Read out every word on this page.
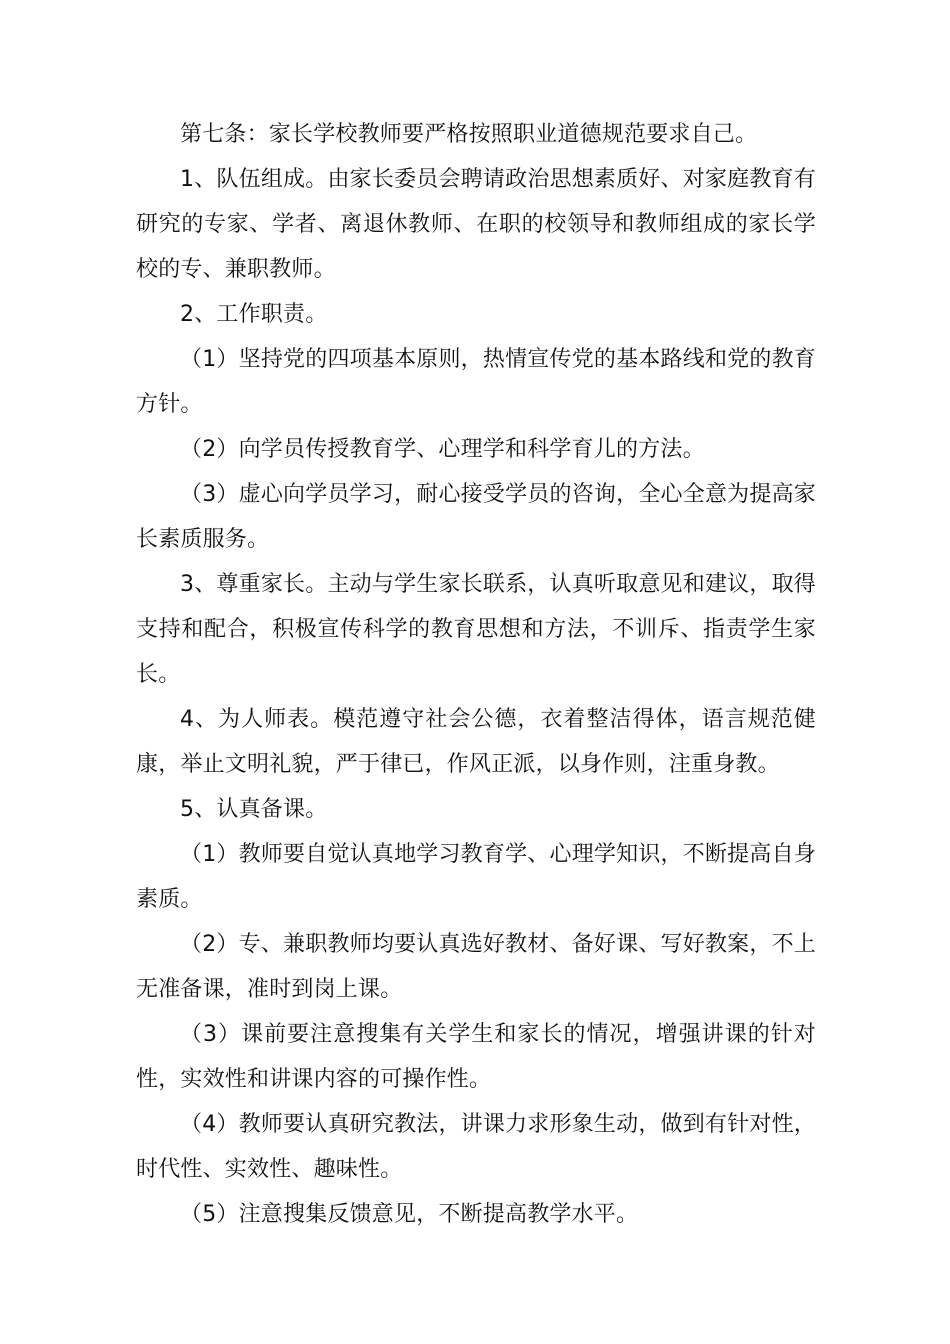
第七条：家长学校教师要严格按照职业道德规范要求自己。

1、队伍组成。由家长委员会聘请政治思想素质好、对家庭教育有研究的专家、学者、离退休教师、在职的校领导和教师组成的家长学校的专、兼职教师。

2、工作职责。

（1）坚持党的四项基本原则，热情宣传党的基本路线和党的教育方针。

（2）向学员传授教育学、心理学和科学育儿的方法。

（3）虚心向学员学习，耐心接受学员的咨询，全心全意为提高家长素质服务。

3、尊重家长。主动与学生家长联系，认真听取意见和建议，取得支持和配合，积极宣传科学的教育思想和方法，不训斥、指责学生家长。

4、为人师表。模范遵守社会公德，衣着整洁得体，语言规范健康，举止文明礼貌，严于律已，作风正派，以身作则，注重身教。

5、认真备课。

（1）教师要自觉认真地学习教育学、心理学知识，不断提高自身素质。

（2）专、兼职教师均要认真选好教材、备好课、写好教案，不上无准备课，准时到岗上课。

（3）课前要注意搜集有关学生和家长的情况，增强讲课的针对性，实效性和讲课内容的可操作性。

（4）教师要认真研究教法，讲课力求形象生动，做到有针对性，时代性、实效性、趣味性。

（5）注意搜集反馈意见，不断提高教学水平。
